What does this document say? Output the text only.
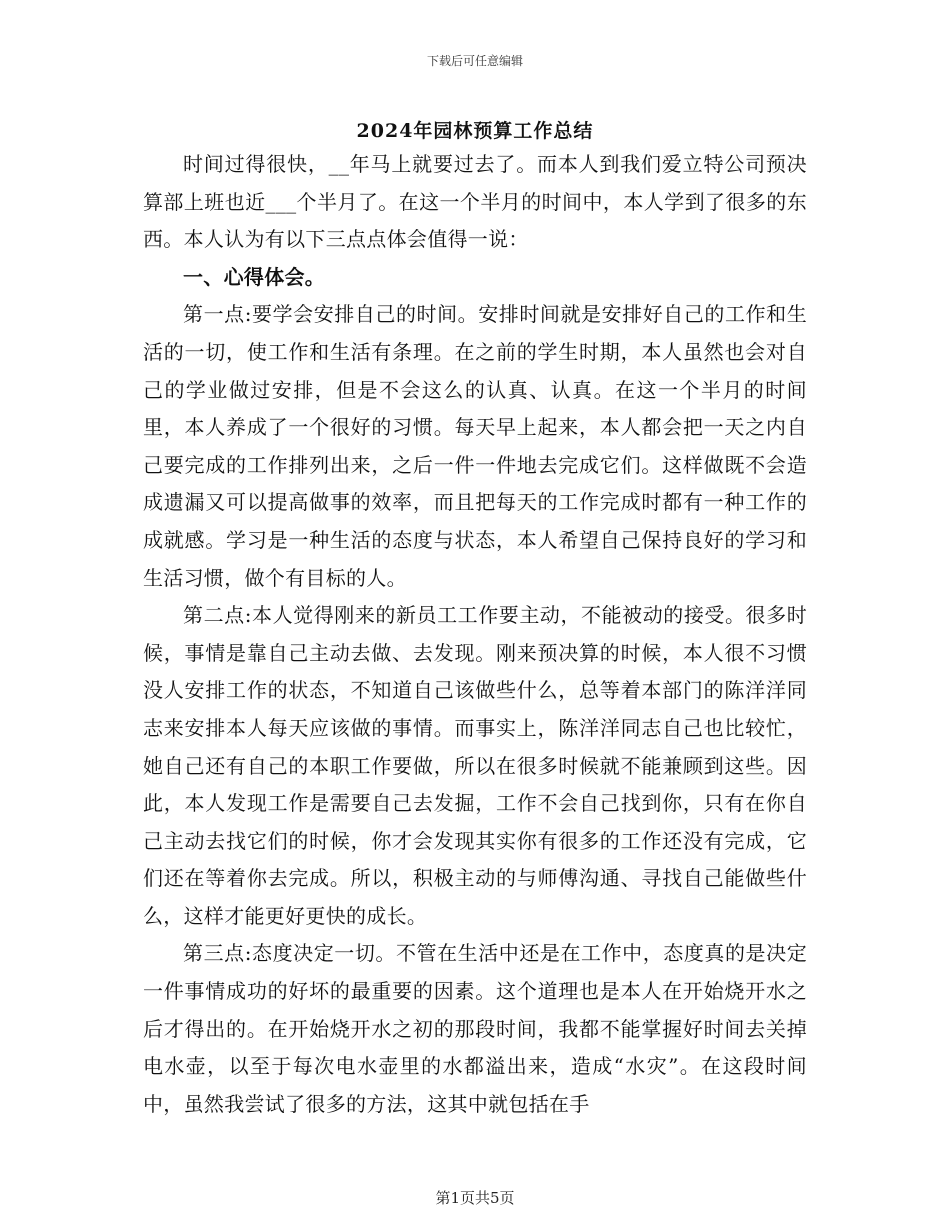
下载后可任意编辑
2024年园林预算工作总结

时间过得很快，__年马上就要过去了。而本人到我们爱立特公司预决算部上班也近___个半月了。在这一个半月的时间中，本人学到了很多的东西。本人认为有以下三点点体会值得一说：

一、心得体会。

第一点:要学会安排自己的时间。安排时间就是安排好自己的工作和生活的一切，使工作和生活有条理。在之前的学生时期，本人虽然也会对自己的学业做过安排，但是不会这么的认真、认真。在这一个半月的时间里，本人养成了一个很好的习惯。每天早上起来，本人都会把一天之内自己要完成的工作排列出来，之后一件一件地去完成它们。这样做既不会造成遗漏又可以提高做事的效率，而且把每天的工作完成时都有一种工作的成就感。学习是一种生活的态度与状态，本人希望自己保持良好的学习和生活习惯，做个有目标的人。

第二点:本人觉得刚来的新员工工作要主动，不能被动的接受。很多时候，事情是靠自己主动去做、去发现。刚来预决算的时候，本人很不习惯没人安排工作的状态，不知道自己该做些什么，总等着本部门的陈洋洋同志来安排本人每天应该做的事情。而事实上，陈洋洋同志自己也比较忙，她自己还有自己的本职工作要做，所以在很多时候就不能兼顾到这些。因此，本人发现工作是需要自己去发掘，工作不会自己找到你，只有在你自己主动去找它们的时候，你才会发现其实你有很多的工作还没有完成，它们还在等着你去完成。所以，积极主动的与师傅沟通、寻找自己能做些什么，这样才能更好更快的成长。

第三点:态度决定一切。不管在生活中还是在工作中，态度真的是决定一件事情成功的好坏的最重要的因素。这个道理也是本人在开始烧开水之后才得出的。在开始烧开水之初的那段时间，我都不能掌握好时间去关掉电水壶，以至于每次电水壶里的水都溢出来，造成“水灾”。在这段时间中，虽然我尝试了很多的方法，这其中就包括在手

第1页共5页
